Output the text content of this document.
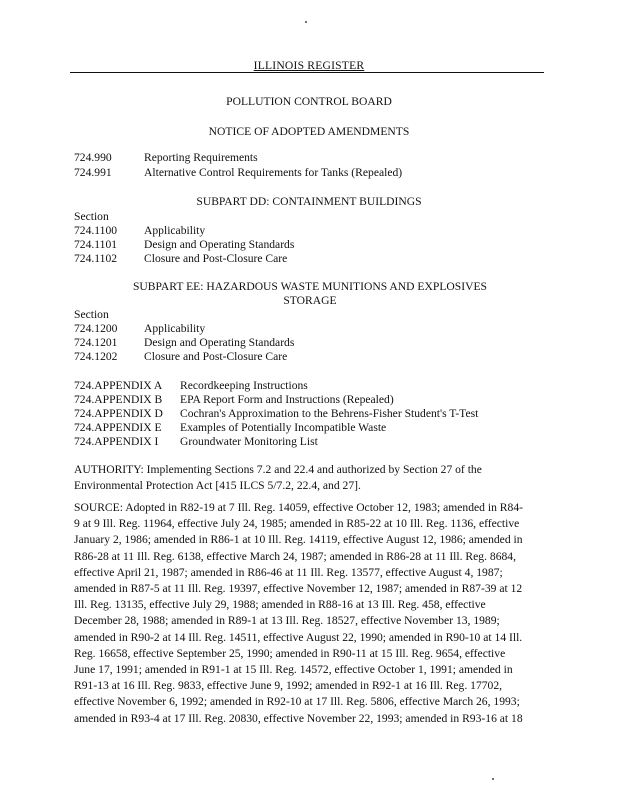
ILLINOIS REGISTER
POLLUTION CONTROL BOARD
NOTICE OF ADOPTED AMENDMENTS
724.990	Reporting Requirements
724.991	Alternative Control Requirements for Tanks (Repealed)
SUBPART DD: CONTAINMENT BUILDINGS
Section
724.1100 Applicability
724.1101 Design and Operating Standards
724.1102 Closure and Post-Closure Care
SUBPART EE: HAZARDOUS WASTE MUNITIONS AND EXPLOSIVES
STORAGE
Section
724.1200 Applicability
724.1201 Design and Operating Standards
724.1202 Closure and Post-Closure Care
724.APPENDIX A Recordkeeping Instructions
724.APPENDIX B EPA Report Form and Instructions (Repealed)
724.APPENDIX D Cochran's Approximation to the Behrens-Fisher Student's T-Test
724.APPENDIX E Examples of Potentially Incompatible Waste
724.APPENDIX I Groundwater Monitoring List
AUTHORITY: Implementing Sections 7.2 and 22.4 and authorized by Section 27 of the
Environmental Protection Act [415 ILCS 5/7.2, 22.4, and 27].
SOURCE: Adopted in R82-19 at 7 Ill. Reg. 14059, effective October 12, 1983; amended in R84-
9 at 9 Ill. Reg. 11964, effective July 24, 1985; amended in R85-22 at 10 Ill. Reg. 1136, effective
January 2, 1986; amended in R86-1 at 10 Ill. Reg. 14119, effective August 12, 1986; amended in
R86-28 at 11 Ill. Reg. 6138, effective March 24, 1987; amended in R86-28 at 11 Ill. Reg. 8684,
effective April 21, 1987; amended in R86-46 at 11 Ill. Reg. 13577, effective August 4, 1987;
amended in R87-5 at 11 Ill. Reg. 19397, effective November 12, 1987; amended in R87-39 at 12
Ill. Reg. 13135, effective July 29, 1988; amended in R88-16 at 13 Ill. Reg. 458, effective
December 28, 1988; amended in R89-1 at 13 Ill. Reg. 18527, effective November 13, 1989;
amended in R90-2 at 14 Ill. Reg. 14511, effective August 22, 1990; amended in R90-10 at 14 Ill.
Reg. 16658, effective September 25, 1990; amended in R90-11 at 15 Ill. Reg. 9654, effective
June 17, 1991; amended in R91-1 at 15 Ill. Reg. 14572, effective October 1, 1991; amended in
R91-13 at 16 Ill. Reg. 9833, effective June 9, 1992; amended in R92-1 at 16 Ill. Reg. 17702,
effective November 6, 1992; amended in R92-10 at 17 Ill. Reg. 5806, effective March 26, 1993;
amended in R93-4 at 17 Ill. Reg. 20830, effective November 22, 1993; amended in R93-16 at 18
